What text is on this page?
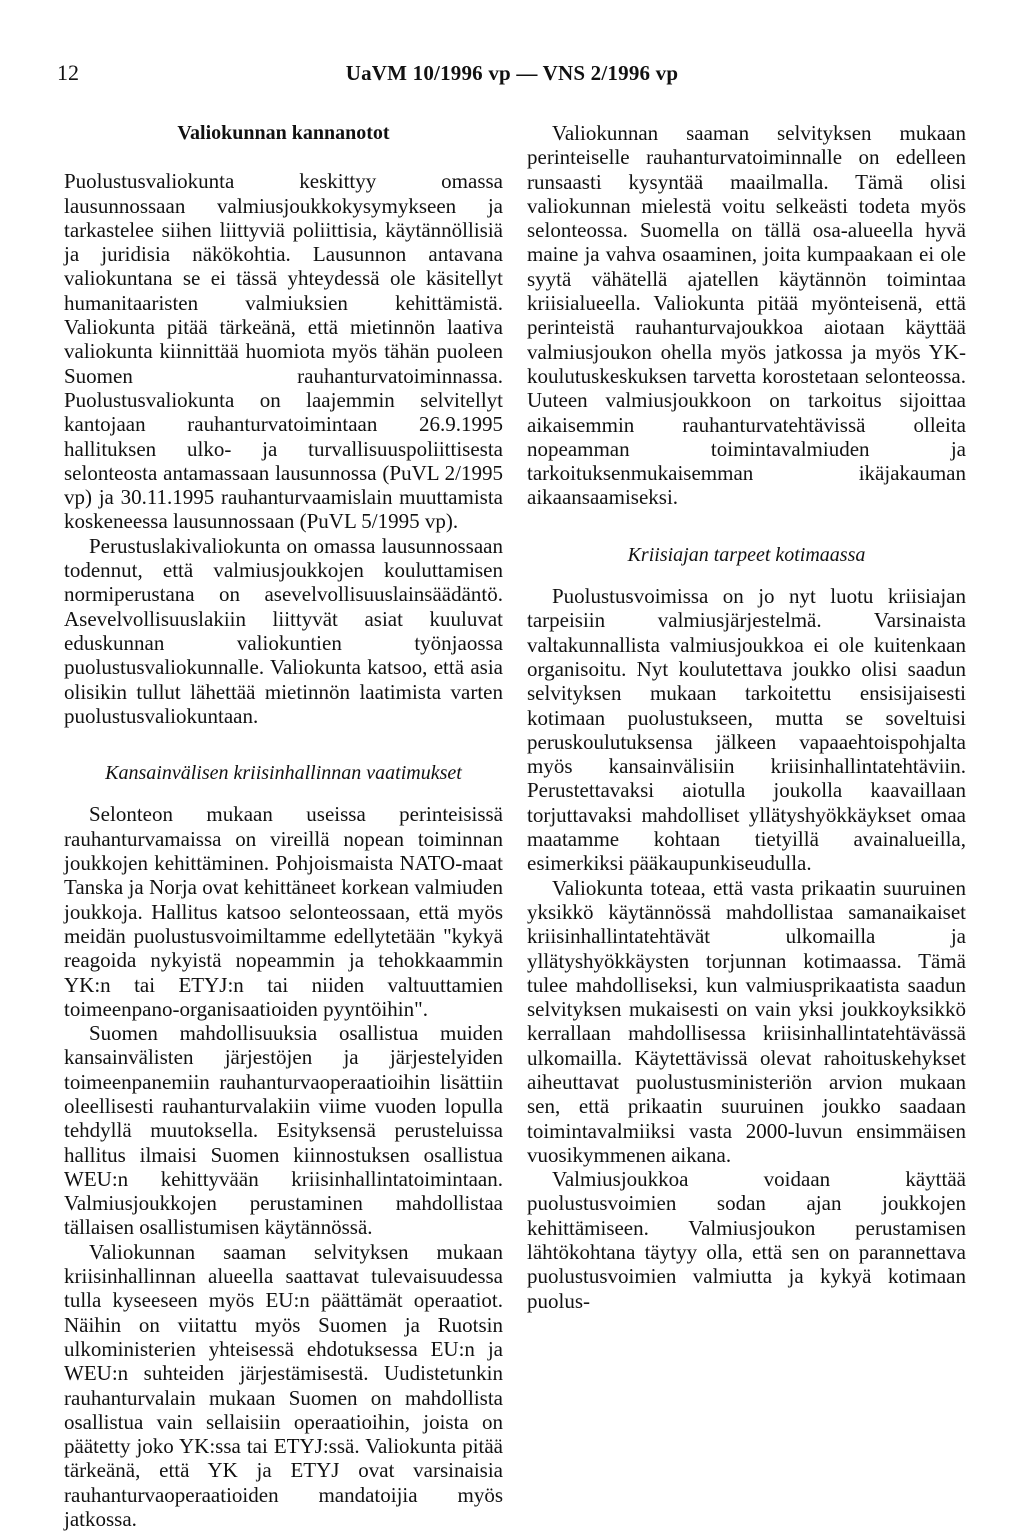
12	UaVM 10/1996 vp — VNS 2/1996 vp
Valiokunnan kannanotot

Puolustusvaliokunta keskittyy omassa lausunnossaan valmiusjoukkokysymykseen ja tarkastelee siihen liittyviä poliittisia, käytännöllisiä ja juridisia näkökohtia. Lausunnon antavana valiokuntana se ei tässä yhteydessä ole käsitellyt humanitaaristen valmiuksien kehittämistä. Valiokunta pitää tärkeänä, että mietinnön laativa valiokunta kiinnittää huomiota myös tähän puoleen Suomen rauhanturvatoiminnassa. Puolustusvaliokunta on laajemmin selvitellyt kantojaan rauhanturvatoimintaan 26.9.1995 hallituksen ulko- ja turvallisuuspoliittisesta selonteosta antamassaan lausunnossa (PuVL 2/1995 vp) ja 30.11.1995 rauhanturvaamislain muuttamista koskeneessa lausunnossaan (PuVL 5/1995 vp).

Perustuslakivaliokunta on omassa lausunnossaan todennut, että valmiusjoukkojen kouluttamisen normiperustana on asevelvollisuuslainsäädäntö. Asevelvollisuuslakiin liittyvät asiat kuuluvat eduskunnan valiokuntien työnjaossa puolustusvaliokunnalle. Valiokunta katsoo, että asia olisikin tullut lähettää mietinnön laatimista varten puolustusvaliokuntaan.

Kansainvälisen kriisinhallinnan vaatimukset

Selonteon mukaan useissa perinteisissä rauhanturvamaissa on vireillä nopean toiminnan joukkojen kehittäminen. Pohjoismaista NATO-maat Tanska ja Norja ovat kehittäneet korkean valmiuden joukkoja. Hallitus katsoo selonteossaan, että myös meidän puolustusvoimiltamme edellytetään "kykyä reagoida nykyistä nopeammin ja tehokkaammin YK:n tai ETYJ:n tai niiden valtuuttamien toimeenpano-organisaatioiden pyyntöihin".

Suomen mahdollisuuksia osallistua muiden kansainvälisten järjestöjen ja järjestelyiden toimeenpanemiin rauhanturvaoperaatioihin lisättiin oleellisesti rauhanturvalakiin viime vuoden lopulla tehdyllä muutoksella. Esityksensä perusteluissa hallitus ilmaisi Suomen kiinnostuksen osallistua WEU:n kehittyvään kriisinhallintatoimintaan. Valmiusjoukkojen perustaminen mahdollistaa tällaisen osallistumisen käytännössä.

Valiokunnan saaman selvityksen mukaan kriisinhallinnan alueella saattavat tulevaisuudessa tulla kyseeseen myös EU:n päättämät operaatiot. Näihin on viitattu myös Suomen ja Ruotsin ulkoministerien yhteisessä ehdotuksessa EU:n ja WEU:n suhteiden järjestämisestä. Uudistetunkin rauhanturvalain mukaan Suomen on mahdollista osallistua vain sellaisiin operaatioihin, joista on päätetty joko YK:ssa tai ETYJ:ssä. Valiokunta pitää tärkeänä, että YK ja ETYJ ovat varsinaisia rauhanturvaoperaatioiden mandatoijia myös jatkossa.

Valiokunnan saaman selvityksen mukaan perinteiselle rauhanturvatoiminnalle on edelleen runsaasti kysyntää maailmalla. Tämä olisi valiokunnan mielestä voitu selkeästi todeta myös selonteossa. Suomella on tällä osa-alueella hyvä maine ja vahva osaaminen, joita kumpaakaan ei ole syytä vähätellä ajatellen käytännön toimintaa kriisialueella. Valiokunta pitää myönteisenä, että perinteistä rauhanturvajoukkoa aiotaan käyttää valmiusjoukon ohella myös jatkossa ja myös YK-koulutuskeskuksen tarvetta korostetaan selonteossa. Uuteen valmiusjoukkoon on tarkoitus sijoittaa aikaisemmin rauhanturvatehtävissä olleita nopeamman toimintavalmiuden ja tarkoituksenmukaisemman ikäjakauman aikaansaamiseksi.

Kriisiajan tarpeet kotimaassa

Puolustusvoimissa on jo nyt luotu kriisiajan tarpeisiin valmiusjärjestelmä. Varsinaista valtakunnallista valmiusjoukkoa ei ole kuitenkaan organisoitu. Nyt koulutettava joukko olisi saadun selvityksen mukaan tarkoitettu ensisijaisesti kotimaan puolustukseen, mutta se soveltuisi peruskoulutuksensa jälkeen vapaaehtoispohjalta myös kansainvälisiin kriisinhallintatehtäviin. Perustettavaksi aiotulla joukolla kaavaillaan torjuttavaksi mahdolliset yllätyshyökkäykset omaa maatamme kohtaan tietyillä avainalueilla, esimerkiksi pääkaupunkiseudulla.

Valiokunta toteaa, että vasta prikaatin suuruinen yksikkö käytännössä mahdollistaa samanaikaiset kriisinhallintatehtävät ulkomailla ja yllätyshyökkäysten torjunnan kotimaassa. Tämä tulee mahdolliseksi, kun valmiusprikaatista saadun selvityksen mukaisesti on vain yksi joukkoyksikkö kerrallaan mahdollisessa kriisinhallintatehtävässä ulkomailla. Käytettävissä olevat rahoituskehykset aiheuttavat puolustusministeriön arvion mukaan sen, että prikaatin suuruinen joukko saadaan toimintavalmiiksi vasta 2000-luvun ensimmäisen vuosikymmenen aikana.

Valmiusjoukkoa voidaan käyttää puolustusvoimien sodan ajan joukkojen kehittämiseen. Valmiusjoukon perustamisen lähtökohtana täytyy olla, että sen on parannettava puolustusvoimien valmiutta ja kykyä kotimaan puolus-
